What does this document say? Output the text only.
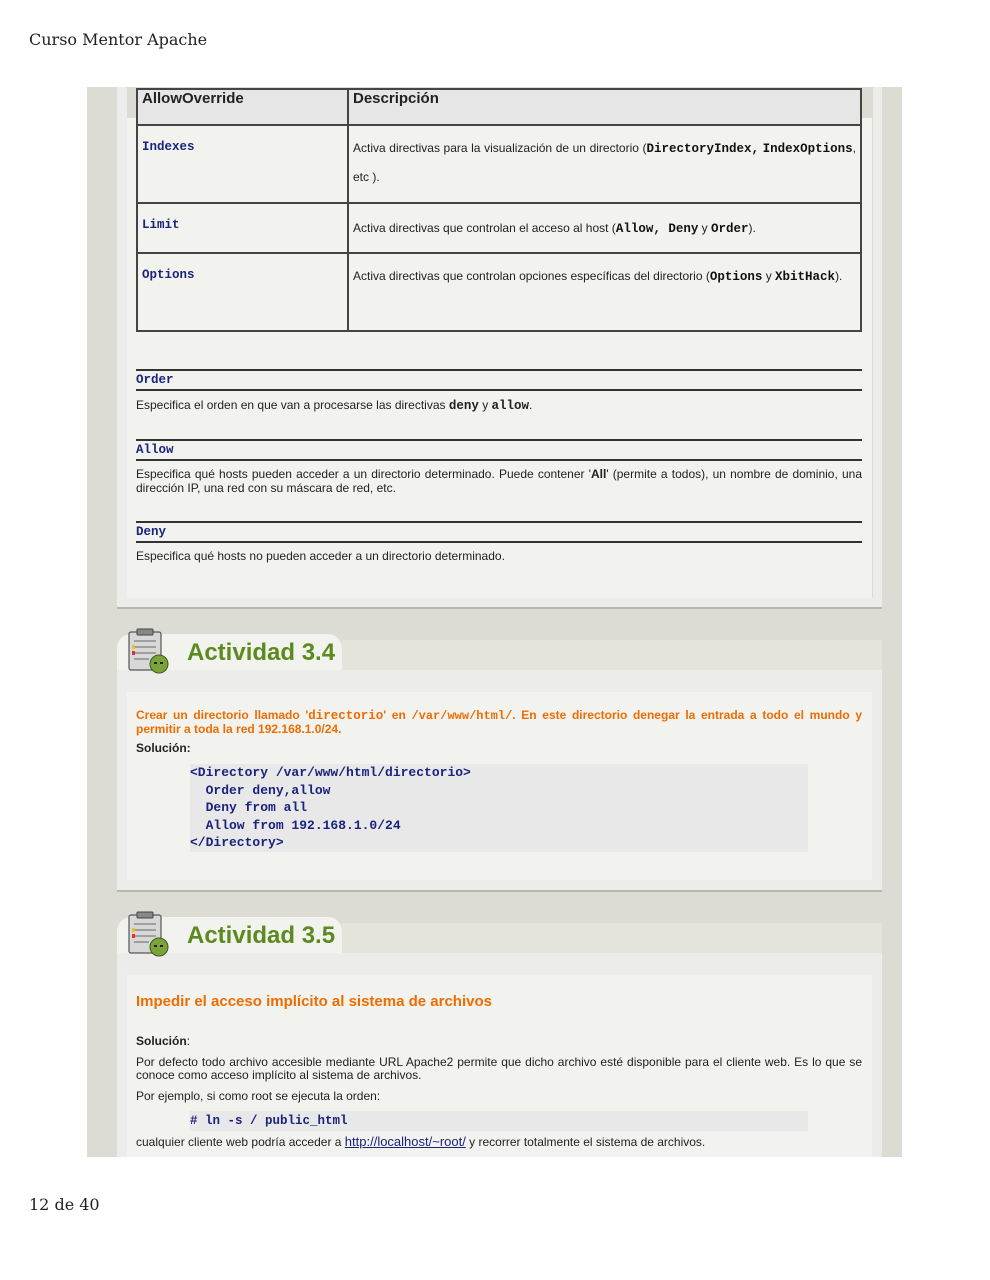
Curso Mentor Apache
AllowOverride	Descripción
Indexes	Activa directivas para la visualización de un directorio (DirectoryIndex, IndexOptions, etc ).
Limit	Activa directivas que controlan el acceso al host (Allow, Deny y Order).
Options	Activa directivas que controlan opciones específicas del directorio (Options y XbitHack).
Order
Especifica el orden en que van a procesarse las directivas deny y allow.
Allow
Especifica qué hosts pueden acceder a un directorio determinado. Puede contener 'All' (permite a todos), un nombre de dominio, una dirección IP, una red con su máscara de red, etc.
Deny
Especifica qué hosts no pueden acceder a un directorio determinado.
Actividad 3.4
Crear un directorio llamado 'directorio' en /var/www/html/. En este directorio denegar la entrada a todo el mundo y permitir a toda la red 192.168.1.0/24.
Solución:
<Directory /var/www/html/directorio>
Order deny,allow
Deny from all
Allow from 192.168.1.0/24
</Directory>
Actividad 3.5
Impedir el acceso implícito al sistema de archivos
Solución:
Por defecto todo archivo accesible mediante URL Apache2 permite que dicho archivo esté disponible para el cliente web. Es lo que se conoce como acceso implícito al sistema de archivos.
Por ejemplo, si como root se ejecuta la orden:
# ln -s / public_html
cualquier cliente web podría acceder a http://localhost/~root/ y recorrer totalmente el sistema de archivos.
12 de 40
